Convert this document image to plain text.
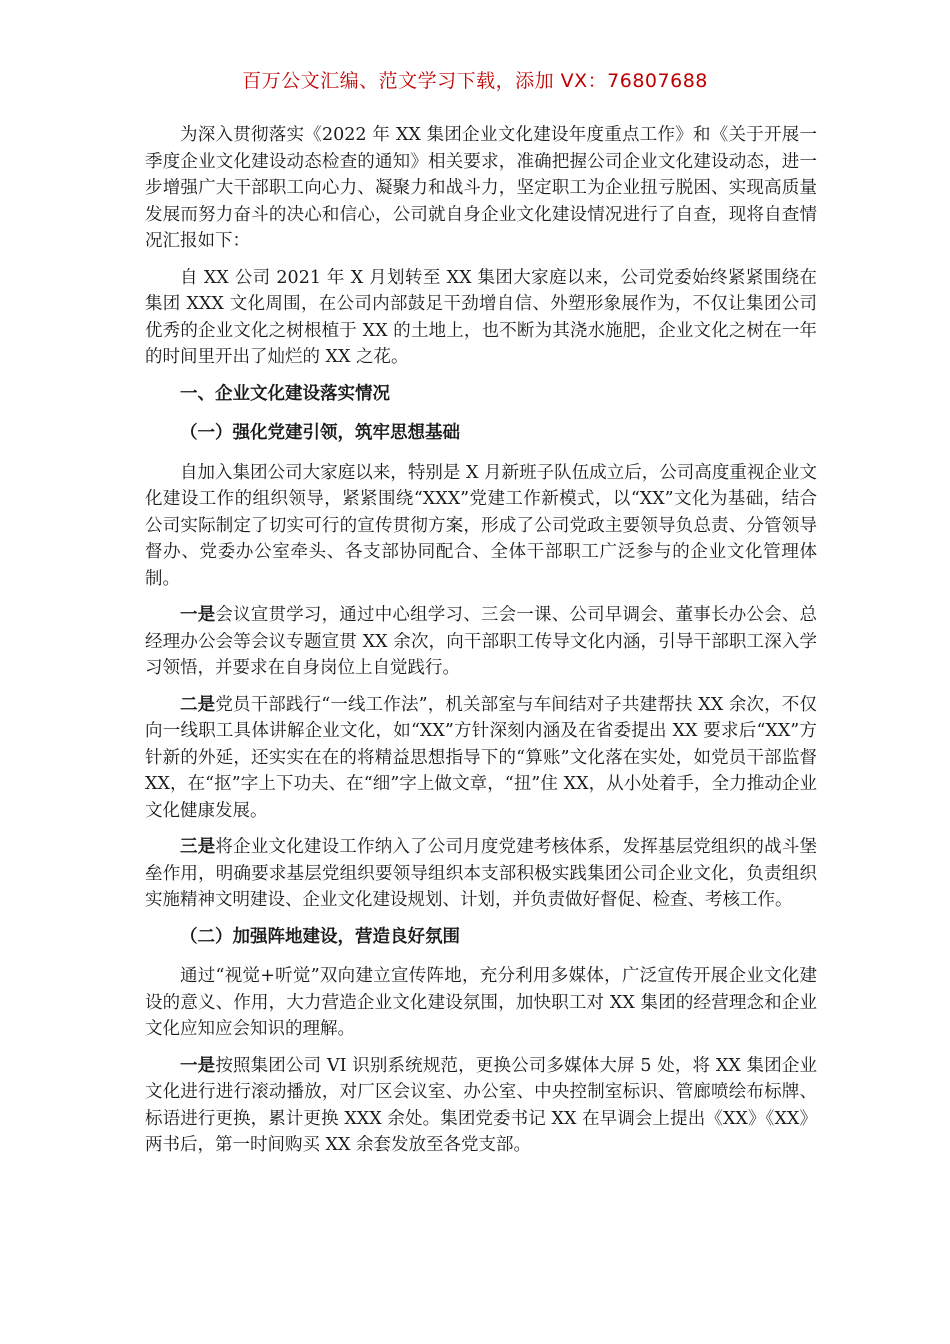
百万公文汇编、范文学习下载，添加 VX：76807688

为深入贯彻落实《2022 年 XX 集团企业文化建设年度重点工作》和《关于开展一季度企业文化建设动态检查的通知》相关要求，准确把握公司企业文化建设动态，进一步增强广大干部职工向心力、凝聚力和战斗力，坚定职工为企业扭亏脱困、实现高质量发展而努力奋斗的决心和信心，公司就自身企业文化建设情况进行了自查，现将自查情况汇报如下：

自 XX 公司 2021 年 X 月划转至 XX 集团大家庭以来，公司党委始终紧紧围绕在集团 XXX 文化周围，在公司内部鼓足干劲增自信、外塑形象展作为，不仅让集团公司优秀的企业文化之树根植于 XX 的土地上，也不断为其浇水施肥，企业文化之树在一年的时间里开出了灿烂的 XX 之花。

一、企业文化建设落实情况

（一）强化党建引领，筑牢思想基础

自加入集团公司大家庭以来，特别是 X 月新班子队伍成立后，公司高度重视企业文化建设工作的组织领导，紧紧围绕“XXX”党建工作新模式，以“XX”文化为基础，结合公司实际制定了切实可行的宣传贯彻方案，形成了公司党政主要领导负总责、分管领导督办、党委办公室牵头、各支部协同配合、全体干部职工广泛参与的企业文化管理体制。

一是会议宣贯学习，通过中心组学习、三会一课、公司早调会、董事长办公会、总经理办公会等会议专题宣贯 XX 余次，向干部职工传导文化内涵，引导干部职工深入学习领悟，并要求在自身岗位上自觉践行。

二是党员干部践行“一线工作法”，机关部室与车间结对子共建帮扶 XX 余次，不仅向一线职工具体讲解企业文化，如“XX”方针深刻内涵及在省委提出 XX 要求后“XX”方针新的外延，还实实在在的将精益思想指导下的“算账”文化落在实处，如党员干部监督 XX，在“抠”字上下功夫、在“细”字上做文章，“扭”住 XX，从小处着手，全力推动企业文化健康发展。

三是将企业文化建设工作纳入了公司月度党建考核体系，发挥基层党组织的战斗堡垒作用，明确要求基层党组织要领导组织本支部积极实践集团公司企业文化，负责组织实施精神文明建设、企业文化建设规划、计划，并负责做好督促、检查、考核工作。

（二）加强阵地建设，营造良好氛围

通过“视觉+听觉”双向建立宣传阵地，充分利用多媒体，广泛宣传开展企业文化建设的意义、作用，大力营造企业文化建设氛围，加快职工对 XX 集团的经营理念和企业文化应知应会知识的理解。

一是按照集团公司 VI 识别系统规范，更换公司多媒体大屏 5 处，将 XX 集团企业文化进行进行滚动播放，对厂区会议室、办公室、中央控制室标识、管廊喷绘布标牌、标语进行更换，累计更换 XXX 余处。集团党委书记 XX 在早调会上提出《XX》《XX》两书后，第一时间购买 XX 余套发放至各党支部。
